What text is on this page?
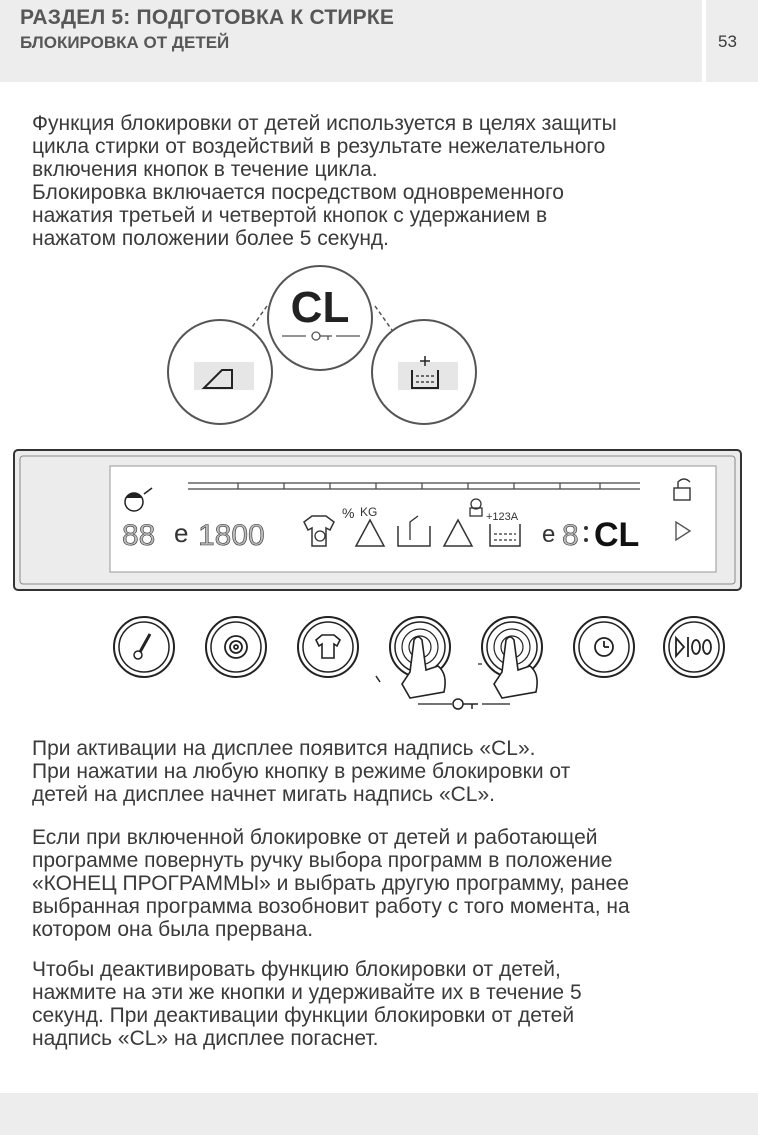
РАЗДЕЛ 5: ПОДГОТОВКА К СТИРКЕ
БЛОКИРОВКА ОТ ДЕТЕЙ	53
Функция блокировки от детей используется в целях защиты
цикла стирки от воздействий в результате нежелательного
включения кнопок в течение цикла.
Блокировка включается посредством одновременного
нажатия третьей и четвертой кнопок с удержанием в
нажатом положении более 5 секунд.
CL
88 e 1800
% KG	+123A
e 8 CL
При активации на дисплее появится надпись «CL».
При нажатии на любую кнопку в режиме блокировки от
детей на дисплее начнет мигать надпись «CL».
Если при включенной блокировке от детей и работающей
программе повернуть ручку выбора программ в положение
«КОНЕЦ ПРОГРАММЫ» и выбрать другую программу, ранее
выбранная программа возобновит работу с того момента, на
котором она была прервана.
Чтобы деактивировать функцию блокировки от детей,
нажмите на эти же кнопки и удерживайте их в течение 5
секунд. При деактивации функции блокировки от детей
надпись «CL» на дисплее погаснет.
